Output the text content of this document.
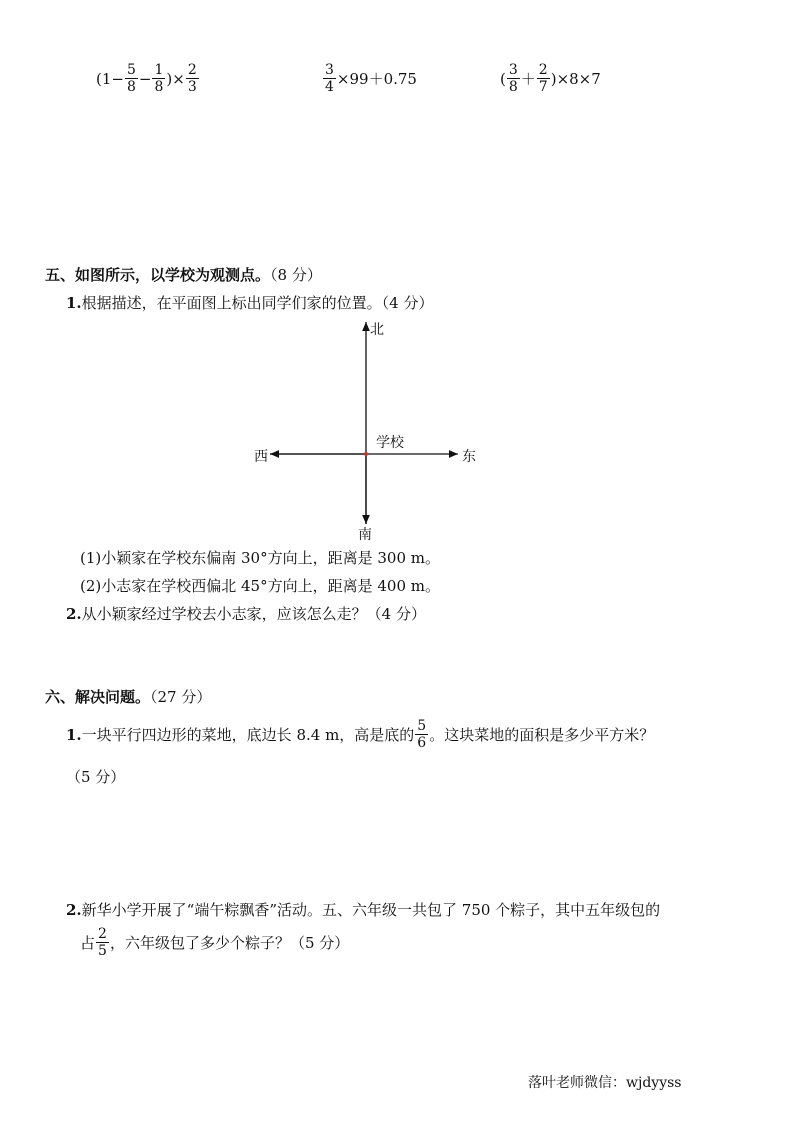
($1- \frac{5}{8} - \frac{1}{8}$ )× $\frac{2}{3}$	$\frac{3}{4} \times 99+0.75$	( $\frac{3}{8} + \frac{2}{7} )\times 8\times 7$
五、如图所示，以学校为观测点。（8 分）
1.根据描述，在平面图上标出同学们家的位置。（4 分）
北
南
东
西
学校
(1)小颖家在学校东偏南 30°方向上，距离是 300 m。
(2)小志家在学校西偏北 45°方向上，距离是 400 m。
2.从小颖家经过学校去小志家，应该怎么走？（4 分）
六、解决问题。（27 分）
1. 一块平行四边形的菜地，底边长 8.4 m，高是底的 $\frac{5}{6}$ 。这块菜地的面积是多少平方米？
（5 分）
2.新华小学开展了“端午粽飘香”活动。五、六年级一共包了 750 个粽子，其中五年级包的
占 $\frac{2}{5}$ ，六年级包了多少个粽子？（5 分）
落叶老师微信：wjdyyss
